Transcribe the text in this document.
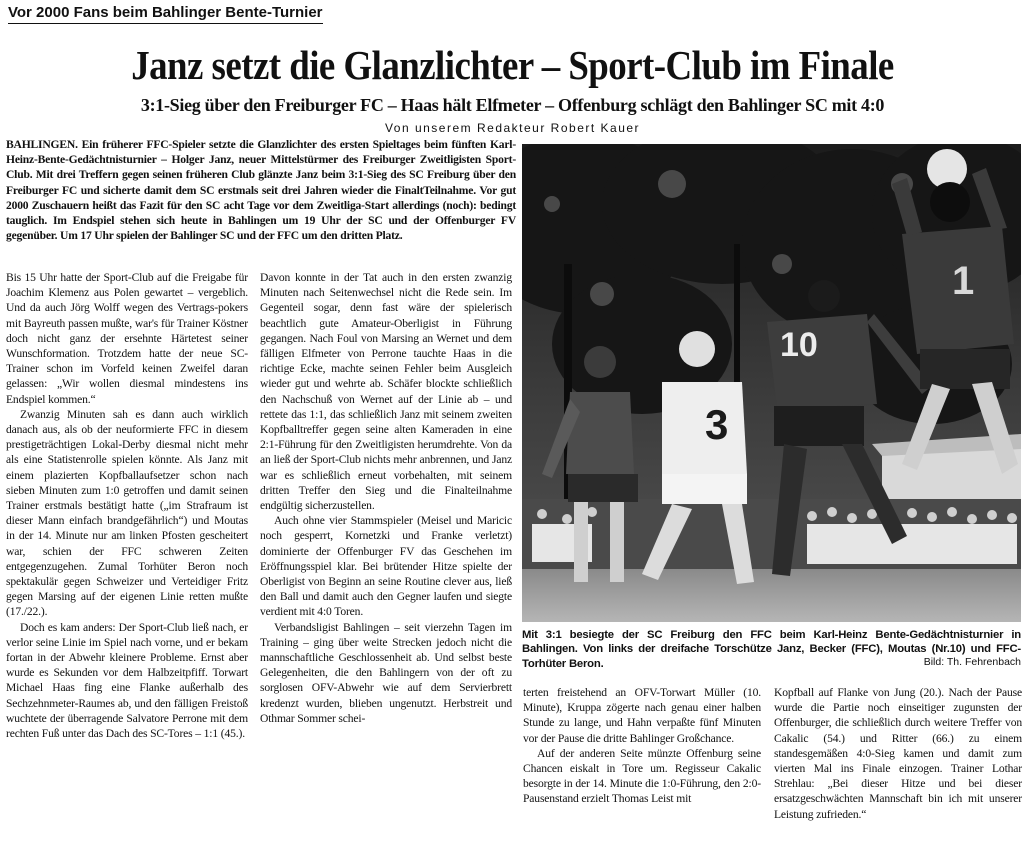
Vor 2000 Fans beim Bahlinger Bente-Turnier
Janz setzt die Glanzlichter – Sport-Club im Finale
3:1-Sieg über den Freiburger FC – Haas hält Elfmeter – Offenburg schlägt den Bahlinger SC mit 4:0
Von unserem Redakteur Robert Kauer
BAHLINGEN. Ein früherer FFC-Spieler setzte die Glanzlichter des ersten Spieltages beim fünften Karl-Heinz-Bente-Gedächtnisturnier – Holger Janz, neuer Mittelstürmer des Freiburger Zweitligisten Sport-Club. Mit drei Treffern gegen seinen früheren Club glänzte Janz beim 3:1-Sieg des SC Freiburg über den Freiburger FC und sicherte damit dem SC erstmals seit drei Jahren wieder die FinaltTeilnahme. Vor gut 2000 Zuschauern heißt das Fazit für den SC acht Tage vor dem Zweitliga-Start allerdings (noch): bedingt tauglich. Im Endspiel stehen sich heute in Bahlingen um 19 Uhr der SC und der Offenburger FV gegenüber. Um 17 Uhr spielen der Bahlinger SC und der FFC um den dritten Platz.

Bis 15 Uhr hatte der Sport-Club auf die Freigabe für Joachim Klemenz aus Polen gewartet – vergeblich. Und da auch Jörg Wolff wegen des Vertrags-pokers mit Bayreuth passen mußte, war's für Trainer Köstner doch nicht ganz der ersehnte Härtetest seiner Wunschformation. Trotzdem hatte der neue SC-Trainer schon im Vorfeld keinen Zweifel daran gelassen: „Wir wollen diesmal mindestens ins Endspiel kommen.“

Zwanzig Minuten sah es dann auch wirklich danach aus, als ob der neuformierte FFC in diesem prestigeträchtigen Lokal-Derby diesmal nicht mehr als eine Statistenrolle spielen könnte. Als Janz mit einem plazierten Kopfballaufsetzer schon nach sieben Minuten zum 1:0 getroffen und damit seinen Trainer erstmals bestätigt hatte („im Strafraum ist dieser Mann einfach brandgefährlich“) und Moutas in der 14. Minute nur am linken Pfosten gescheitert war, schien der FFC schweren Zeiten entgegenzugehen. Zumal Torhüter Beron noch spektakulär gegen Schweizer und Verteidiger Fritz gegen Marsing auf der eigenen Linie retten mußte (17./22.).

Doch es kam anders: Der Sport-Club ließ nach, er verlor seine Linie im Spiel nach vorne, und er bekam fortan in der Abwehr kleinere Probleme. Ernst aber wurde es Sekunden vor dem Halbzeitpfiff. Torwart Michael Haas fing eine Flanke außerhalb des Sechzehnmeter-Raumes ab, und den fälligen Freistoß wuchtete der überragende Salvatore Perrone mit dem rechten Fuß unter das Dach des SC-Tores – 1:1 (45.).

Davon konnte in der Tat auch in den ersten zwanzig Minuten nach Seitenwechsel nicht die Rede sein. Im Gegenteil sogar, denn fast wäre der spielerisch beachtlich gute Amateur-Oberligist in Führung gegangen. Nach Foul von Marsing an Wernet und dem fälligen Elfmeter von Perrone tauchte Haas in die richtige Ecke, machte seinen Fehler beim Ausgleich wieder gut und wehrte ab. Schäfer blockte schließlich den Nachschuß von Wernet auf der Linie ab – und rettete das 1:1, das schließlich Janz mit seinem zweiten Kopfballtreffer gegen seine alten Kameraden in eine 2:1-Führung für den Zweitligisten herumdrehte. Von da an ließ der Sport-Club nichts mehr anbrennen, und Janz war es schließlich erneut vorbehalten, mit seinem dritten Treffer den Sieg und die Finalteilnahme endgültig sicherzustellen.

Auch ohne vier Stammspieler (Meisel und Maricic noch gesperrt, Kornetzki und Franke verletzt) dominierte der Offenburger FV das Geschehen im Eröffnungsspiel klar. Bei brütender Hitze spielte der Oberligist von Beginn an seine Routine clever aus, ließ den Ball und damit auch den Gegner laufen und siegte verdient mit 4:0 Toren.

Verbandsligist Bahlingen – seit vierzehn Tagen im Training – ging über weite Strecken jedoch nicht die mannschaftliche Geschlossenheit ab. Und selbst beste Gelegenheiten, die den Bahlingern von der oft zu sorglosen OFV-Abwehr wie auf dem Servierbrett kredenzt wurden, blieben ungenutzt. Herbstreit und Othmar Sommer schei-

3
10
1
Mit 3:1 besiegte der SC Freiburg den FFC beim Karl-Heinz Bente-Gedächtnisturnier in Bahlingen. Von links der dreifache Torschütze Janz, Becker (FFC), Moutas (Nr.10) und FFC-Torhüter Beron.	Bild: Th. Fehrenbach

terten freistehend an OFV-Torwart Müller (10. Minute), Kruppa zögerte nach genau einer halben Stunde zu lange, und Hahn verpaßte fünf Minuten vor der Pause die dritte Bahlinger Großchance.

Auf der anderen Seite münzte Offenburg seine Chancen eiskalt in Tore um. Regisseur Cakalic besorgte in der 14. Minute die 1:0-Führung, den 2:0-Pausenstand erzielt Thomas Leist mit

Kopfball auf Flanke von Jung (20.). Nach der Pause wurde die Partie noch einseitiger zugunsten der Offenburger, die schließlich durch weitere Treffer von Cakalic (54.) und Ritter (66.) zu einem standesgemäßen 4:0-Sieg kamen und damit zum vierten Mal ins Finale einzogen. Trainer Lothar Strehlau: „Bei dieser Hitze und bei dieser ersatzgeschwächten Mannschaft bin ich mit unserer Leistung zufrieden.“
